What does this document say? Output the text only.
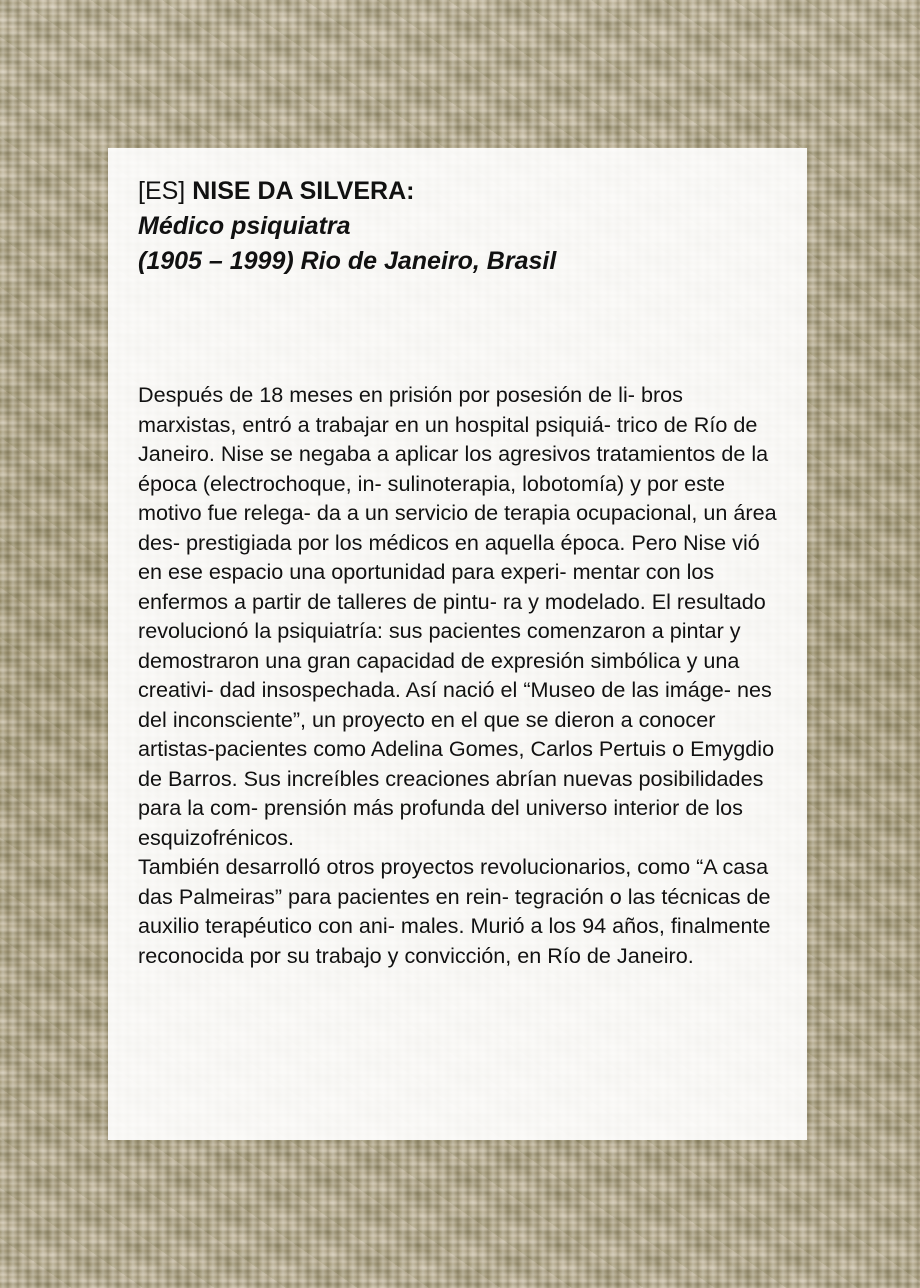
[ES] NISE DA SILVERA:
Médico psiquiatra
(1905 – 1999) Rio de Janeiro, Brasil

Después de 18 meses en prisión por posesión de li- bros marxistas, entró a trabajar en un hospital psiquiá- trico de Río de Janeiro. Nise se negaba a aplicar los agresivos tratamientos de la época (electrochoque, in- sulinoterapia, lobotomía) y por este motivo fue relega- da a un servicio de terapia ocupacional, un área des- prestigiada por los médicos en aquella época. Pero Nise vió en ese espacio una oportunidad para experi- mentar con los enfermos a partir de talleres de pintu- ra y modelado. El resultado revolucionó la psiquiatría: sus pacientes comenzaron a pintar y demostraron una gran capacidad de expresión simbólica y una creativi- dad insospechada. Así nació el “Museo de las imáge- nes del inconsciente”, un proyecto en el que se dieron a conocer artistas-pacientes como Adelina Gomes, Carlos Pertuis o Emygdio de Barros. Sus increíbles creaciones abrían nuevas posibilidades para la com- prensión más profunda del universo interior de los esquizofrénicos.

También desarrolló otros proyectos revolucionarios, como “A casa das Palmeiras” para pacientes en rein- tegración o las técnicas de auxilio terapéutico con ani- males. Murió a los 94 años, finalmente reconocida por su trabajo y convicción, en Río de Janeiro.
